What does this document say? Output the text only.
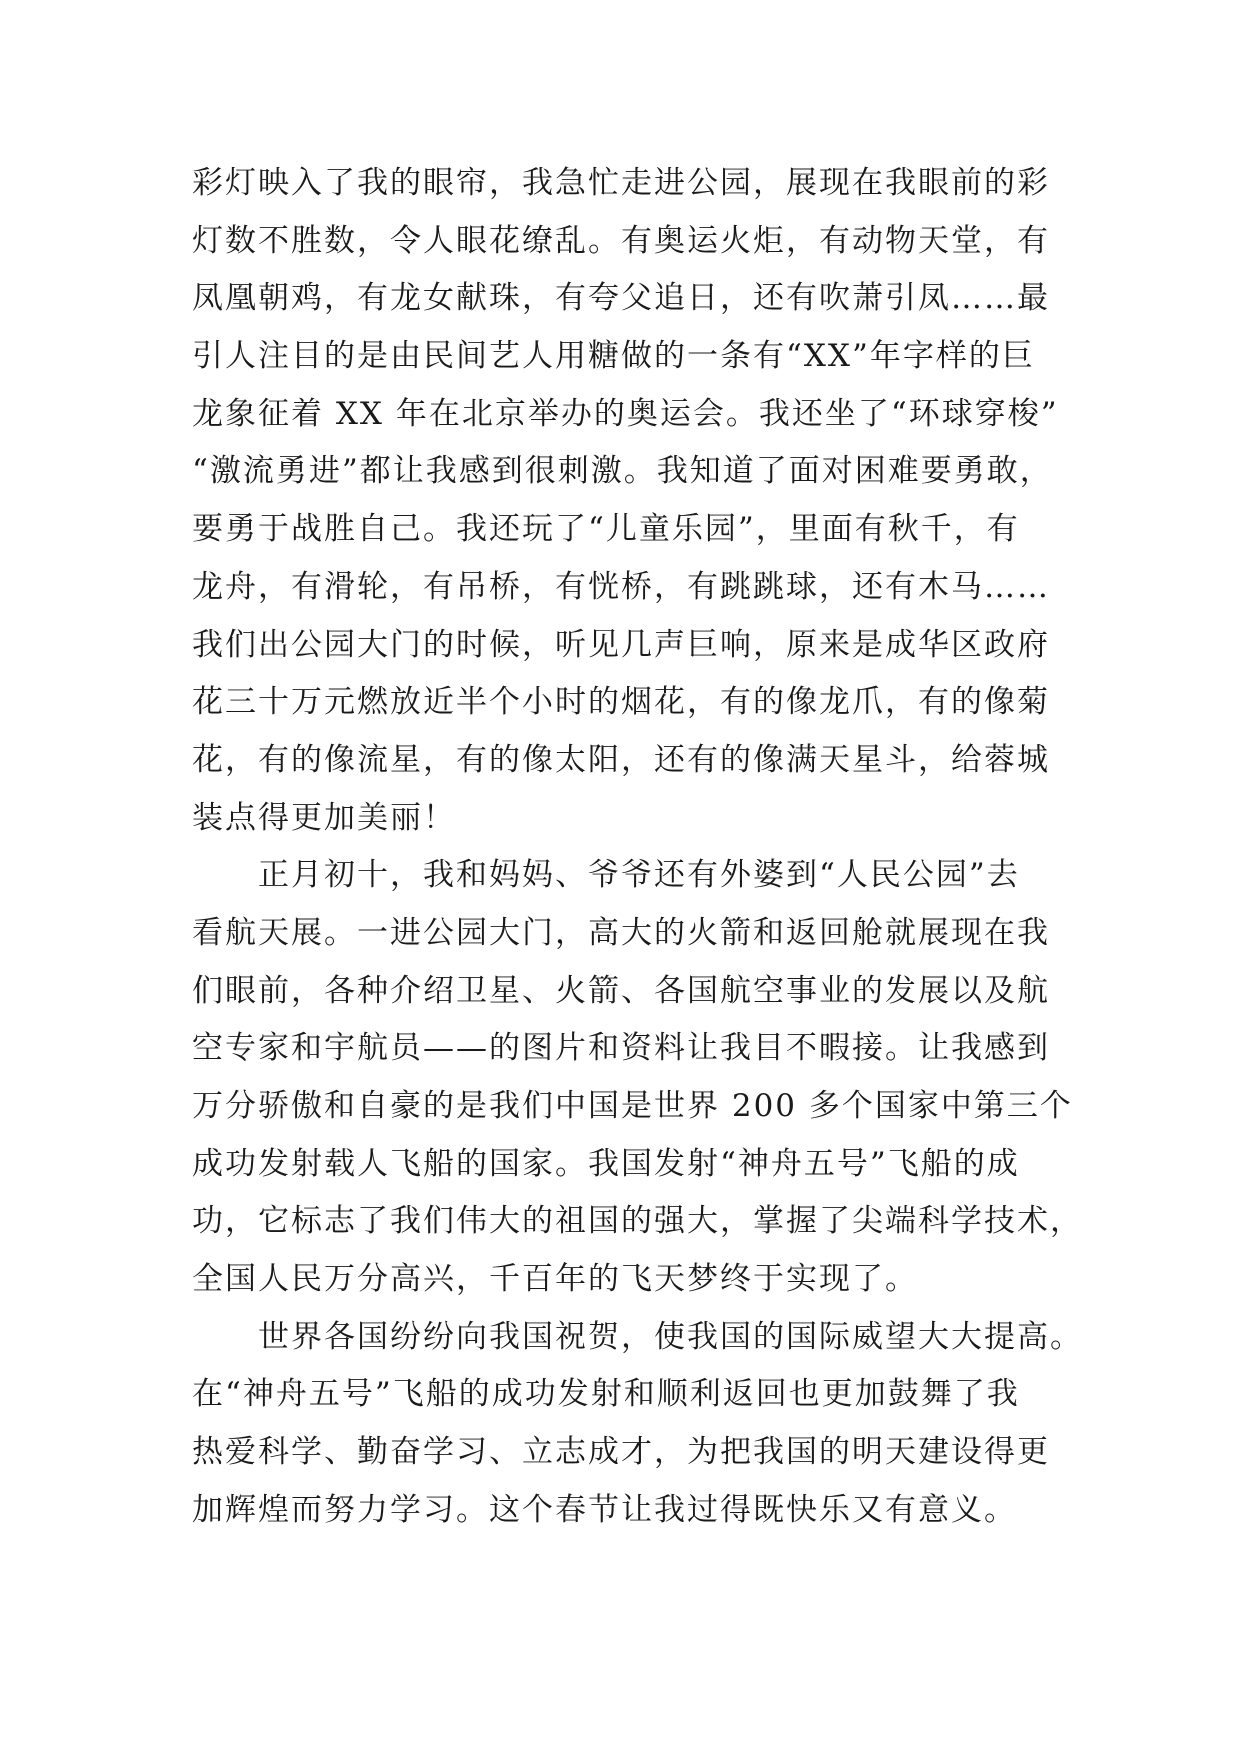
彩灯映入了我的眼帘，我急忙走进公园，展现在我眼前的彩
灯数不胜数，令人眼花缭乱。有奥运火炬，有动物天堂，有
凤凰朝鸡，有龙女献珠，有夸父追日，还有吹萧引凤……最
引人注目的是由民间艺人用糖做的一条有“XX”年字样的巨
龙象征着 XX 年在北京举办的奥运会。我还坐了“环球穿梭”
“激流勇进”都让我感到很刺激。我知道了面对困难要勇敢，
要勇于战胜自己。我还玩了“儿童乐园”，里面有秋千，有
龙舟，有滑轮，有吊桥，有恍桥，有跳跳球，还有木马……
我们出公园大门的时候，听见几声巨响，原来是成华区政府
花三十万元燃放近半个小时的烟花，有的像龙爪，有的像菊
花，有的像流星，有的像太阳，还有的像满天星斗，给蓉城
装点得更加美丽！
　　正月初十，我和妈妈、爷爷还有外婆到“人民公园”去
看航天展。一进公园大门，高大的火箭和返回舱就展现在我
们眼前，各种介绍卫星、火箭、各国航空事业的发展以及航
空专家和宇航员——的图片和资料让我目不暇接。让我感到
万分骄傲和自豪的是我们中国是世界 200 多个国家中第三个
成功发射载人飞船的国家。我国发射“神舟五号”飞船的成
功，它标志了我们伟大的祖国的强大，掌握了尖端科学技术，
全国人民万分高兴，千百年的飞天梦终于实现了。
　　世界各国纷纷向我国祝贺，使我国的国际威望大大提高。
在“神舟五号”飞船的成功发射和顺利返回也更加鼓舞了我
热爱科学、勤奋学习、立志成才，为把我国的明天建设得更
加辉煌而努力学习。这个春节让我过得既快乐又有意义。
